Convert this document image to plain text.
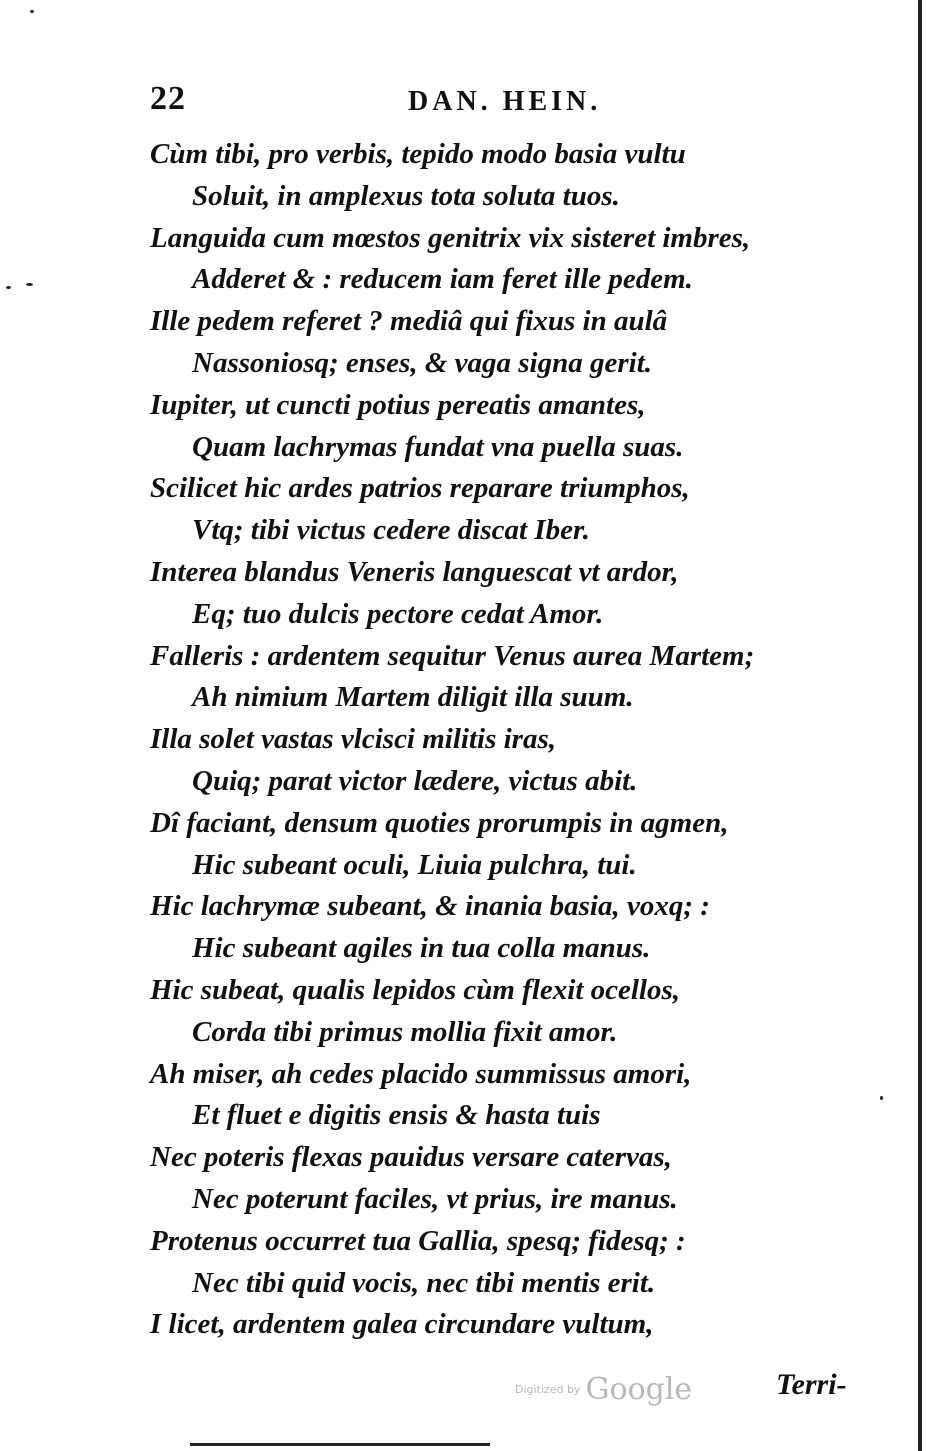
22	DAN. HEIN.
Cùm tibi, pro verbis, tepido modo basia vultu
Soluit, in amplexus tota soluta tuos.
Languida cum mœstos genitrix vix sisteret imbres,
Adderet & : reducem iam feret ille pedem.
Ille pedem referet ? mediâ qui fixus in aulâ
Nassoniosq; enses, & vaga signa gerit.
Iupiter, ut cuncti potius pereatis amantes,
Quam lachrymas fundat vna puella suas.
Scilicet hic ardes patrios reparare triumphos,
Vtq; tibi victus cedere discat Iber.
Interea blandus Veneris languescat vt ardor,
Eq; tuo dulcis pectore cedat Amor.
Falleris : ardentem sequitur Venus aurea Martem;
Ah nimium Martem diligit illa suum.
Illa solet vastas vlcisci militis iras,
Quiq; parat victor lædere, victus abit.
Dî faciant, densum quoties prorumpis in agmen,
Hic subeant oculi, Liuia pulchra, tui.
Hic lachrymæ subeant, & inania basia, voxq; :
Hic subeant agiles in tua colla manus.
Hic subeat, qualis lepidos cùm flexit ocellos,
Corda tibi primus mollia fixit amor.
Ah miser, ah cedes placido summissus amori,
Et fluet e digitis ensis & hasta tuis
Nec poteris flexas pauidus versare catervas,
Nec poterunt faciles, vt prius, ire manus.
Protenus occurret tua Gallia, spesq; fidesq; :
Nec tibi quid vocis, nec tibi mentis erit.
I licet, ardentem galea circundare vultum,
Digitized by Google	Terri-
